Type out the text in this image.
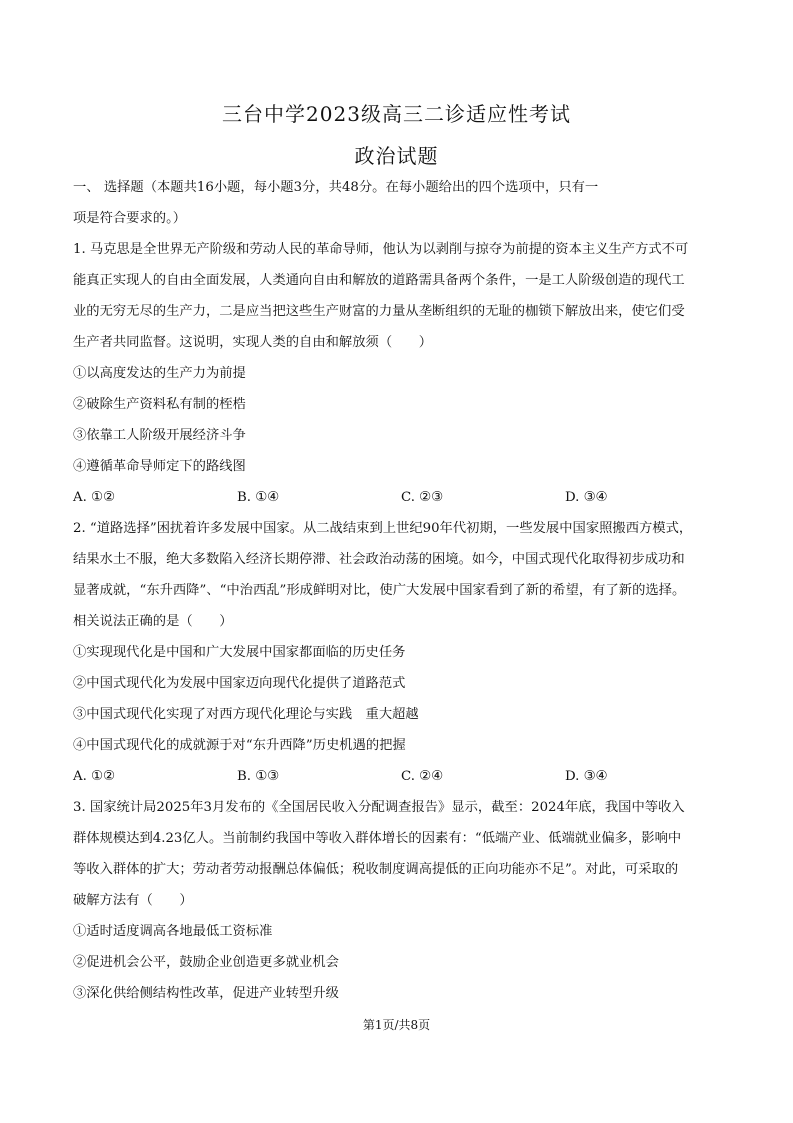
三台中学2023级高三二诊适应性考试
政治试题
一、 选择题（本题共16小题，每小题3分，共48分。在每小题给出的四个选项中，只有一
项是符合要求的。）
1. 马克思是全世界无产阶级和劳动人民的革命导师，他认为以剥削与掠夺为前提的资本主义生产方式不可
能真正实现人的自由全面发展，人类通向自由和解放的道路需具备两个条件，一是工人阶级创造的现代工
业的无穷无尽的生产力，二是应当把这些生产财富的力量从垄断组织的无耻的枷锁下解放出来，使它们受
生产者共同监督。这说明，实现人类的自由和解放须（　　）
①以高度发达的生产力为前提
②破除生产资料私有制的桎梏
③依靠工人阶级开展经济斗争
④遵循革命导师定下的路线图
A. ①②	B. ①④	C. ②③	D. ③④
2. “道路选择”困扰着许多发展中国家。从二战结束到上世纪90年代初期，一些发展中国家照搬西方模式，
结果水土不服，绝大多数陷入经济长期停滞、社会政治动荡的困境。如今，中国式现代化取得初步成功和
显著成就，“东升西降”、“中治西乱”形成鲜明对比，使广大发展中国家看到了新的希望，有了新的选择。
相关说法正确的是（　　）
①实现现代化是中国和广大发展中国家都面临的历史任务
②中国式现代化为发展中国家迈向现代化提供了道路范式
③中国式现代化实现了对西方现代化理论与实践　重大超越
④中国式现代化的成就源于对“东升西降”历史机遇的把握
A. ①②	B. ①③	C. ②④	D. ③④
3. 国家统计局2025年3月发布的《全国居民收入分配调查报告》显示，截至：2024年底，我国中等收入
群体规模达到4.23亿人。当前制约我国中等收入群体增长的因素有：“低端产业、低端就业偏多，影响中
等收入群体的扩大；劳动者劳动报酬总体偏低；税收制度调高提低的正向功能亦不足”。对此，可采取的
破解方法有（　　）
①适时适度调高各地最低工资标准
②促进机会公平，鼓励企业创造更多就业机会
③深化供给侧结构性改革，促进产业转型升级
第1页/共8页
